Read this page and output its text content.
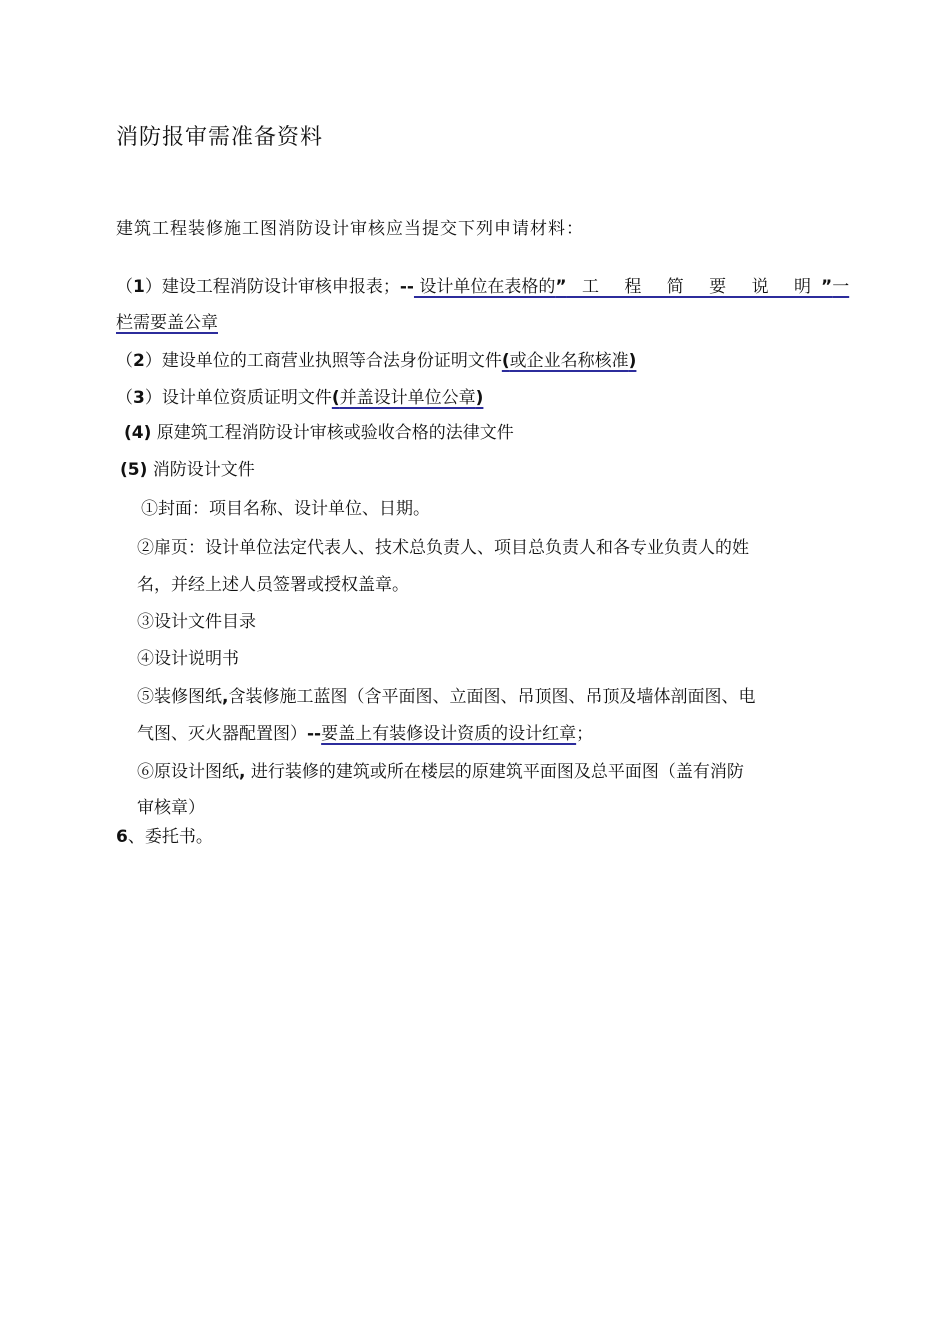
消防报审需准备资料
建筑工程装修施工图消防设计审核应当提交下列申请材料：
（1）建设工程消防设计审核申报表；-- 设计单位在表格的” 工 程 简 要 说 明”一
栏需要盖公章
（2）建设单位的工商营业执照等合法身份证明文件(或企业名称核准)
（3）设计单位资质证明文件(并盖设计单位公章)
(4) 原建筑工程消防设计审核或验收合格的法律文件
(5) 消防设计文件
①封面：项目名称、设计单位、日期。
②扉页：设计单位法定代表人、技术总负责人、项目总负责人和各专业负责人的姓
名，并经上述人员签署或授权盖章。
③设计文件目录
④设计说明书
⑤装修图纸,含装修施工蓝图（含平面图、立面图、吊顶图、吊顶及墙体剖面图、电
气图、灭火器配置图）--要盖上有装修设计资质的设计红章；
⑥原设计图纸, 进行装修的建筑或所在楼层的原建筑平面图及总平面图（盖有消防
审核章）
6、委托书。
